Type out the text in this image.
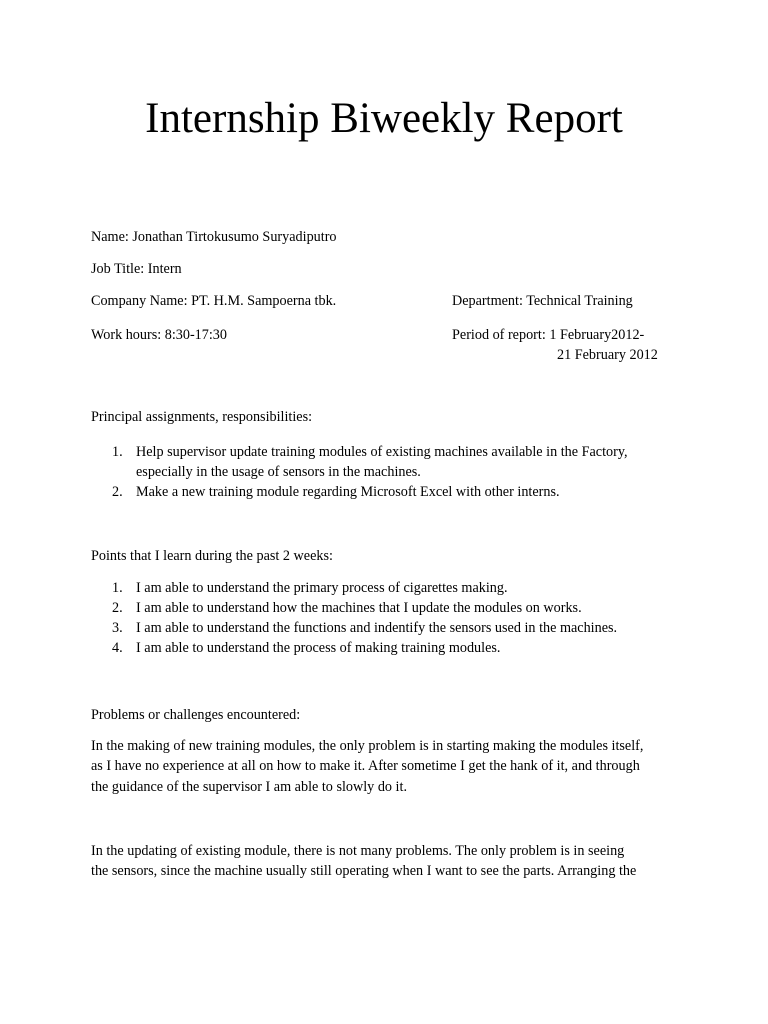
Internship Biweekly Report

Name: Jonathan Tirtokusumo Suryadiputro

Job Title: Intern

Company Name: PT. H.M. Sampoerna tbk.	Department: Technical Training

Work hours: 8:30-17:30	Period of report: 1 February2012-
21 February 2012

Principal assignments, responsibilities:

1. Help supervisor update training modules of existing machines available in the Factory,
especially in the usage of sensors in the machines.
2. Make a new training module regarding Microsoft Excel with other interns.

Points that I learn during the past 2 weeks:

1. I am able to understand the primary process of cigarettes making.
2. I am able to understand how the machines that I update the modules on works.
3. I am able to understand the functions and indentify the sensors used in the machines.
4. I am able to understand the process of making training modules.

Problems or challenges encountered:

In the making of new training modules, the only problem is in starting making the modules itself,
as I have no experience at all on how to make it. After sometime I get the hank of it, and through
the guidance of the supervisor I am able to slowly do it.
In the updating of existing module, there is not many problems. The only problem is in seeing
the sensors, since the machine usually still operating when I want to see the parts. Arranging the
